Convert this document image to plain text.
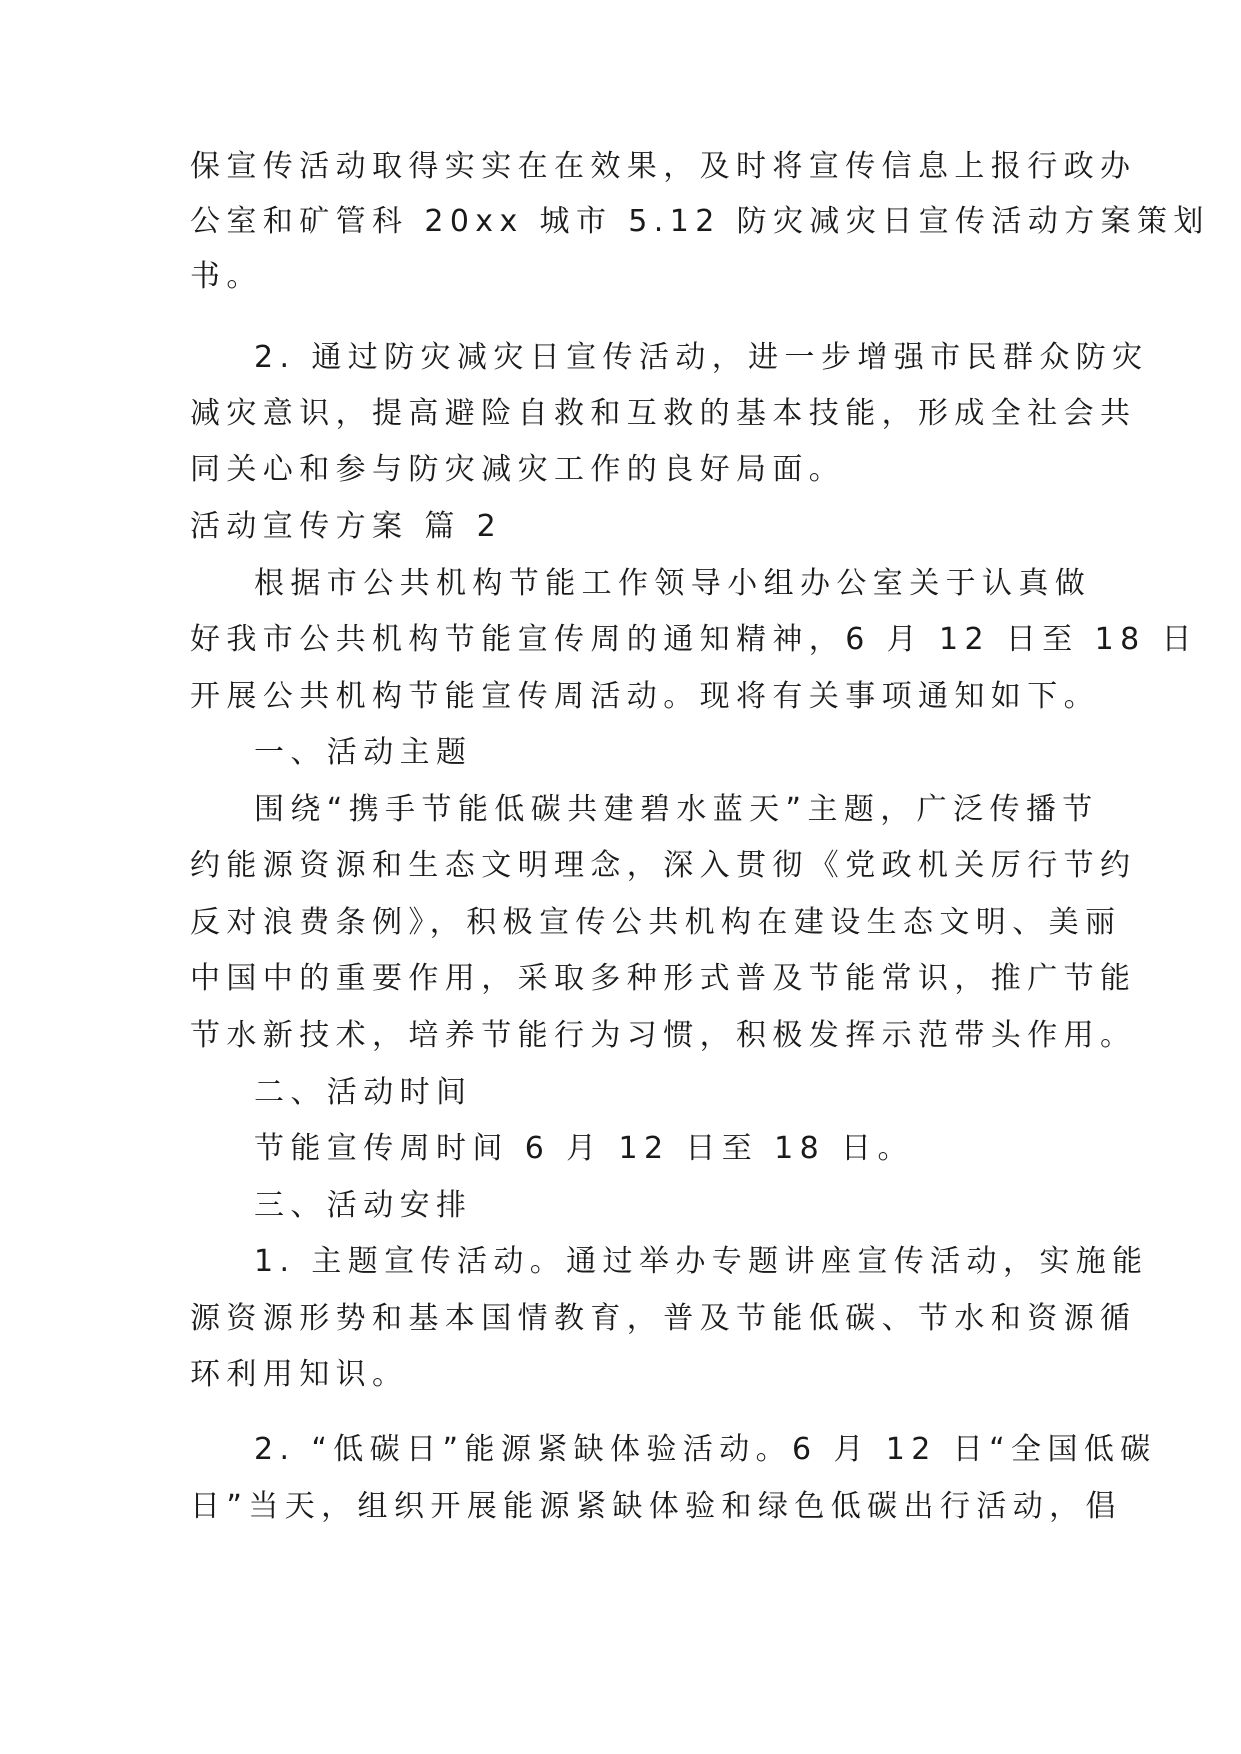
保宣传活动取得实实在在效果，及时将宣传信息上报行政办
公室和矿管科 20xx 城市 5.12 防灾减灾日宣传活动方案策划
书。
2. 通过防灾减灾日宣传活动，进一步增强市民群众防灾
减灾意识，提高避险自救和互救的基本技能，形成全社会共
同关心和参与防灾减灾工作的良好局面。
活动宣传方案 篇 2
根据市公共机构节能工作领导小组办公室关于认真做
好我市公共机构节能宣传周的通知精神，6 月 12 日至 18 日
开展公共机构节能宣传周活动。现将有关事项通知如下。
一、活动主题
围绕“携手节能低碳共建碧水蓝天”主题，广泛传播节
约能源资源和生态文明理念，深入贯彻《党政机关厉行节约
反对浪费条例》，积极宣传公共机构在建设生态文明、美丽
中国中的重要作用，采取多种形式普及节能常识，推广节能
节水新技术，培养节能行为习惯，积极发挥示范带头作用。
二、活动时间
节能宣传周时间 6 月 12 日至 18 日。
三、活动安排
1. 主题宣传活动。通过举办专题讲座宣传活动，实施能
源资源形势和基本国情教育，普及节能低碳、节水和资源循
环利用知识。
2. “低碳日”能源紧缺体验活动。6 月 12 日“全国低碳
日”当天，组织开展能源紧缺体验和绿色低碳出行活动，倡
